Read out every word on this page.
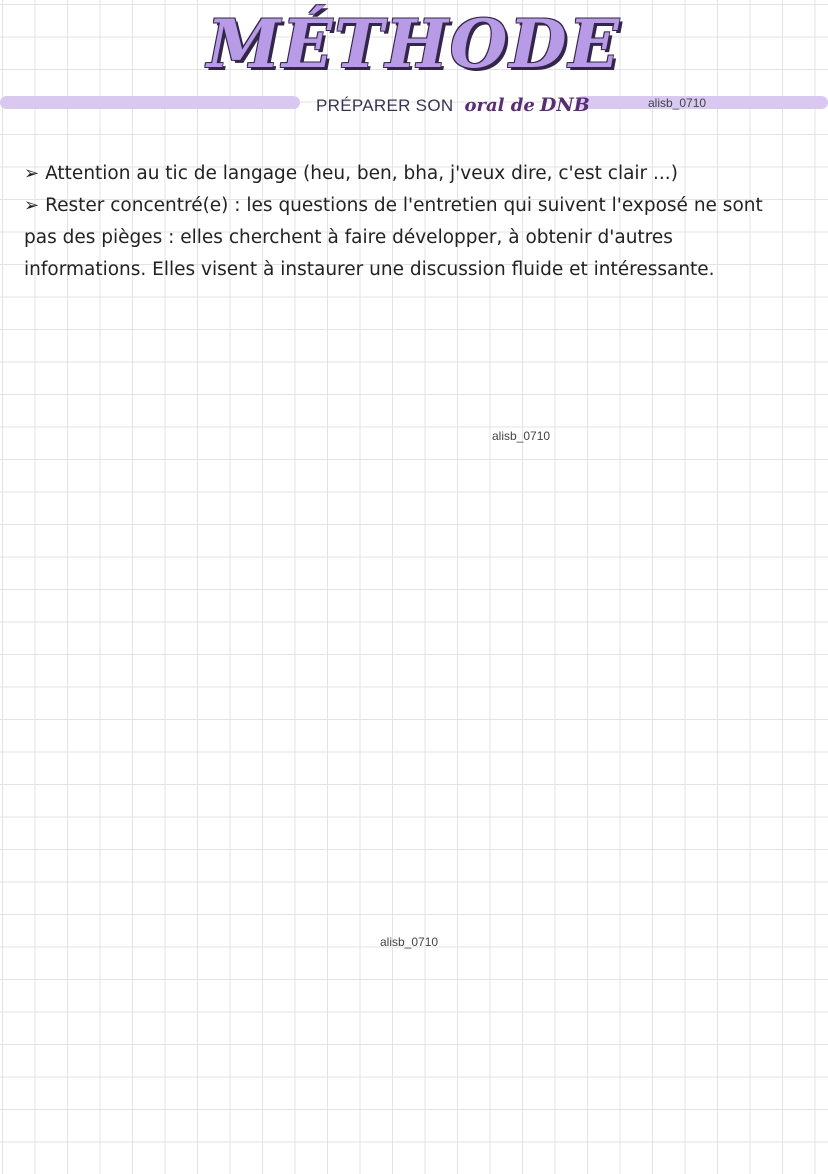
MÉTHODE
PRÉPARER SON oral de DNB	alisb_0710

➢ Attention au tic de langage (heu, ben, bha, j'veux dire, c'est clair ...)

➢ Rester concentré(e) : les questions de l'entretien qui suivent l'exposé ne sont pas des pièges : elles cherchent à faire développer, à obtenir d'autres informations. Elles visent à instaurer une discussion fluide et intéressante.

alisb_0710
alisb_0710
